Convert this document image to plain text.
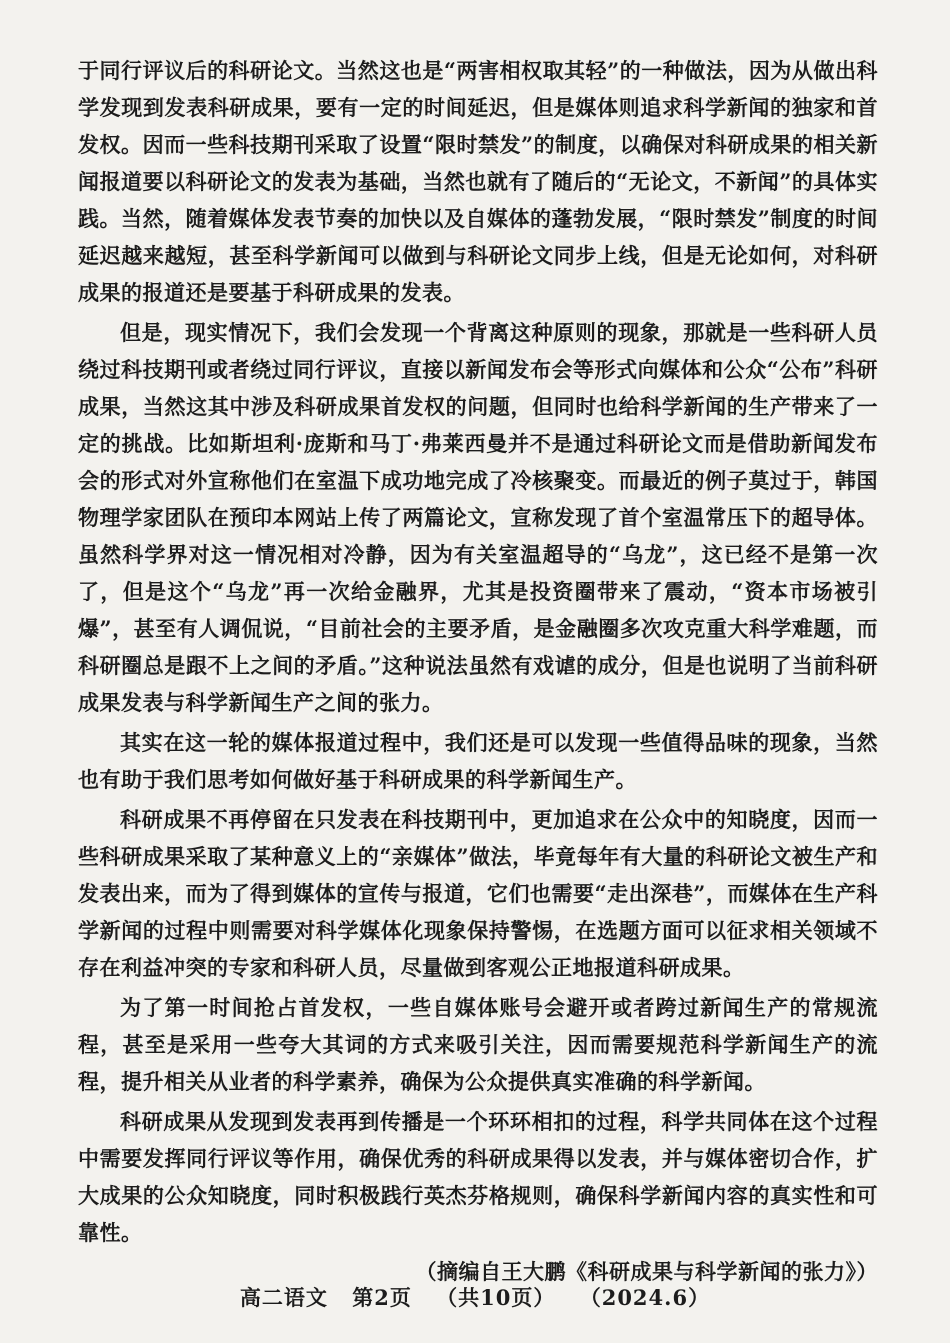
于同行评议后的科研论文。当然这也是“两害相权取其轻”的一种做法，因为从做出科学发现到发表科研成果，要有一定的时间延迟，但是媒体则追求科学新闻的独家和首发权。因而一些科技期刊采取了设置“限时禁发”的制度，以确保对科研成果的相关新闻报道要以科研论文的发表为基础，当然也就有了随后的“无论文，不新闻”的具体实践。当然，随着媒体发表节奏的加快以及自媒体的蓬勃发展，“限时禁发”制度的时间延迟越来越短，甚至科学新闻可以做到与科研论文同步上线，但是无论如何，对科研成果的报道还是要基于科研成果的发表。

但是，现实情况下，我们会发现一个背离这种原则的现象，那就是一些科研人员绕过科技期刊或者绕过同行评议，直接以新闻发布会等形式向媒体和公众“公布”科研成果，当然这其中涉及科研成果首发权的问题，但同时也给科学新闻的生产带来了一定的挑战。比如斯坦利·庞斯和马丁·弗莱西曼并不是通过科研论文而是借助新闻发布会的形式对外宣称他们在室温下成功地完成了冷核聚变。而最近的例子莫过于，韩国物理学家团队在预印本网站上传了两篇论文，宣称发现了首个室温常压下的超导体。虽然科学界对这一情况相对冷静，因为有关室温超导的“乌龙”，这已经不是第一次了，但是这个“乌龙”再一次给金融界，尤其是投资圈带来了震动，“资本市场被引爆”，甚至有人调侃说，“目前社会的主要矛盾，是金融圈多次攻克重大科学难题，而科研圈总是跟不上之间的矛盾。”这种说法虽然有戏谑的成分，但是也说明了当前科研成果发表与科学新闻生产之间的张力。

其实在这一轮的媒体报道过程中，我们还是可以发现一些值得品味的现象，当然也有助于我们思考如何做好基于科研成果的科学新闻生产。

科研成果不再停留在只发表在科技期刊中，更加追求在公众中的知晓度，因而一些科研成果采取了某种意义上的“亲媒体”做法，毕竟每年有大量的科研论文被生产和发表出来，而为了得到媒体的宣传与报道，它们也需要“走出深巷”，而媒体在生产科学新闻的过程中则需要对科学媒体化现象保持警惕，在选题方面可以征求相关领域不存在利益冲突的专家和科研人员，尽量做到客观公正地报道科研成果。

为了第一时间抢占首发权，一些自媒体账号会避开或者跨过新闻生产的常规流程，甚至是采用一些夸大其词的方式来吸引关注，因而需要规范科学新闻生产的流程，提升相关从业者的科学素养，确保为公众提供真实准确的科学新闻。

科研成果从发现到发表再到传播是一个环环相扣的过程，科学共同体在这个过程中需要发挥同行评议等作用，确保优秀的科研成果得以发表，并与媒体密切合作，扩大成果的公众知晓度，同时积极践行英杰芬格规则，确保科学新闻内容的真实性和可靠性。

（摘编自王大鹏《科研成果与科学新闻的张力》）

高二语文 第2页 （共10页） （2024.6）
